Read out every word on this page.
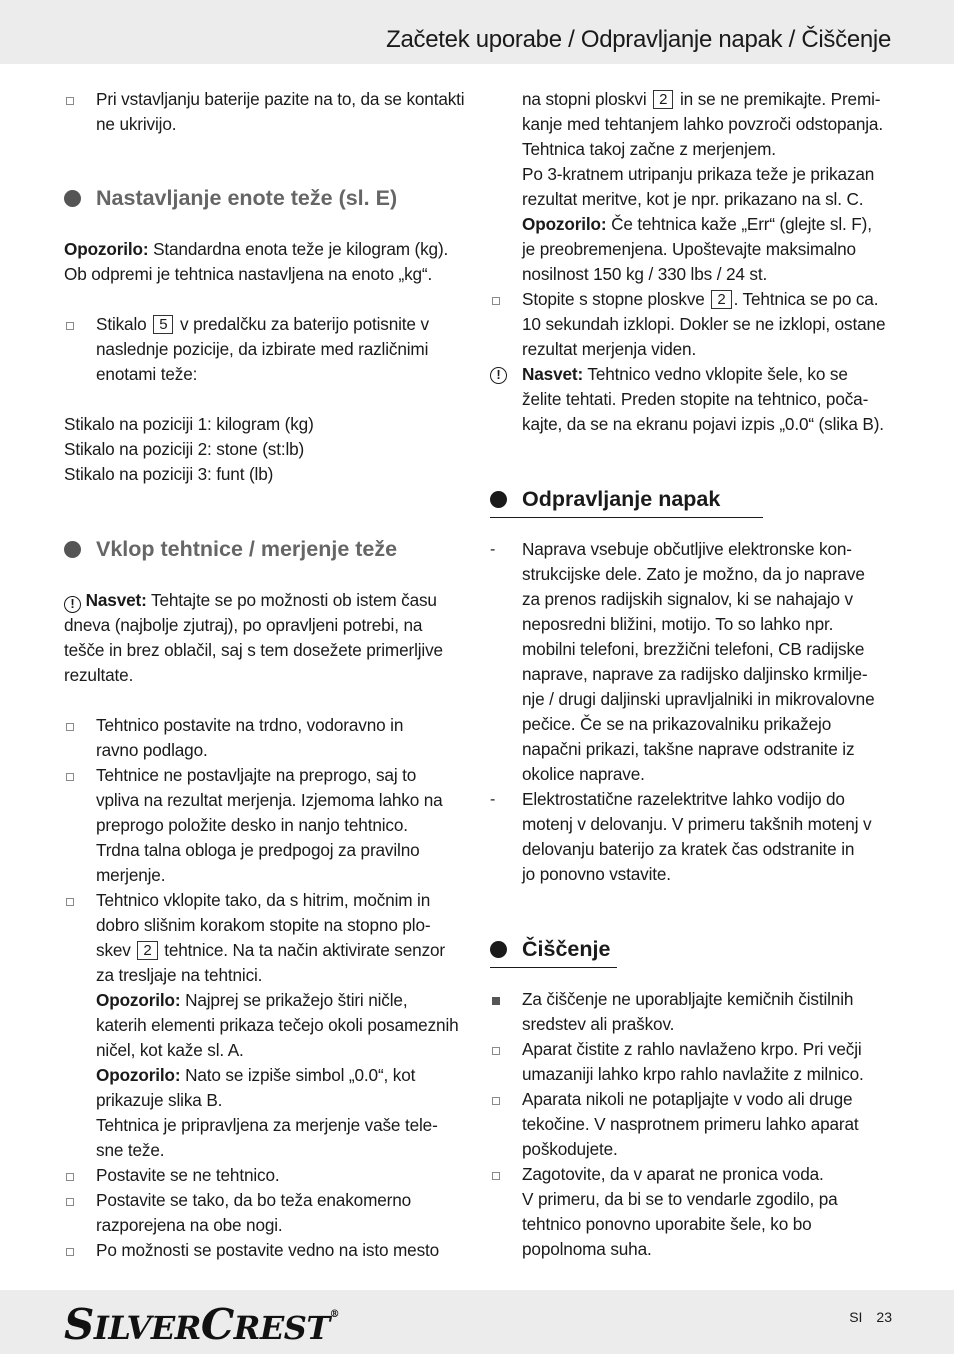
Začetek uporabe / Odpravljanje napak / Čiščenje
Pri vstavljanju baterije pazite na to, da se kontakti
ne ukrivijo.
Nastavljanje enote teže (sl. E)
Opozorilo: Standardna enota teže je kilogram (kg).
Ob odpremi je tehtnica nastavljena na enoto „kg“.
Stikalo 5 v predalčku za baterijo potisnite v
naslednje pozicije, da izbirate med različnimi
enotami teže:
Stikalo na poziciji 1: kilogram (kg)
Stikalo na poziciji 2: stone (st:lb)
Stikalo na poziciji 3: funt (lb)
Vklop tehtnice / merjenje teže
! Nasvet: Tehtajte se po možnosti ob istem času
dneva (najbolje zjutraj), po opravljeni potrebi, na
tešče in brez oblačil, saj s tem dosežete primerljive
rezultate.
Tehtnico postavite na trdno, vodoravno in
ravno podlago.
Tehtnice ne postavljajte na preprogo, saj to
vpliva na rezultat merjenja. Izjemoma lahko na
preprogo položite desko in nanjo tehtnico.
Trdna talna obloga je predpogoj za pravilno
merjenje.
Tehtnico vklopite tako, da s hitrim, močnim in
dobro slišnim korakom stopite na stopno plo-
skev 2 tehtnice. Na ta način aktivirate senzor
za tresljaje na tehtnici.
Opozorilo: Najprej se prikažejo štiri ničle,
katerih elementi prikaza tečejo okoli posameznih
ničel, kot kaže sl. A.
Opozorilo: Nato se izpiše simbol „0.0“, kot
prikazuje slika B.
Tehtnica je pripravljena za merjenje vaše tele-
sne teže.
Postavite se ne tehtnico.
Postavite se tako, da bo teža enakomerno
razporejena na obe nogi.
Po možnosti se postavite vedno na isto mesto
na stopni ploskvi 2 in se ne premikajte. Premi-
kanje med tehtanjem lahko povzroči odstopanja.
Tehtnica takoj začne z merjenjem.
Po 3-kratnem utripanju prikaza teže je prikazan
rezultat meritve, kot je npr. prikazano na sl. C.
Opozorilo: Če tehtnica kaže „Err“ (glejte sl. F),
je preobremenjena. Upoštevajte maksimalno
nosilnost 150 kg / 330 lbs / 24 st.
Stopite s stopne ploskve 2 . Tehtnica se po ca.
10 sekundah izklopi. Dokler se ne izklopi, ostane
rezultat merjenja viden.
!	Nasvet: Tehtnico vedno vklopite šele, ko se
želite tehtati. Preden stopite na tehtnico, poča-
kajte, da se na ekranu pojavi izpis „0.0“ (slika B).
Odpravljanje napak
- Naprava vsebuje občutljive elektronske kon-
strukcijske dele. Zato je možno, da jo naprave
za prenos radijskih signalov, ki se nahajajo v
neposredni bližini, motijo. To so lahko npr.
mobilni telefoni, brezžični telefoni, CB radijske
naprave, naprave za radijsko daljinsko krmilje-
nje / drugi daljinski upravljalniki in mikrovalovne
pečice. Če se na prikazovalniku prikažejo
napačni prikazi, takšne naprave odstranite iz
okolice naprave.
- Elektrostatične razelektritve lahko vodijo do
motenj v delovanju. V primeru takšnih motenj v
delovanju baterijo za kratek čas odstranite in
jo ponovno vstavite.
Čiščenje
Za čiščenje ne uporabljajte kemičnih čistilnih
sredstev ali praškov.
Aparat čistite z rahlo navlaženo krpo. Pri večji
umazaniji lahko krpo rahlo navlažite z milnico.
Aparata nikoli ne potapljajte v vodo ali druge
tekočine. V nasprotnem primeru lahko aparat
poškodujete.
Zagotovite, da v aparat ne pronica voda.
V primeru, da bi se to vendarle zgodilo, pa
tehtnico ponovno uporabite šele, ko bo
popolnoma suha.
SILVERCREST®	SI 23
